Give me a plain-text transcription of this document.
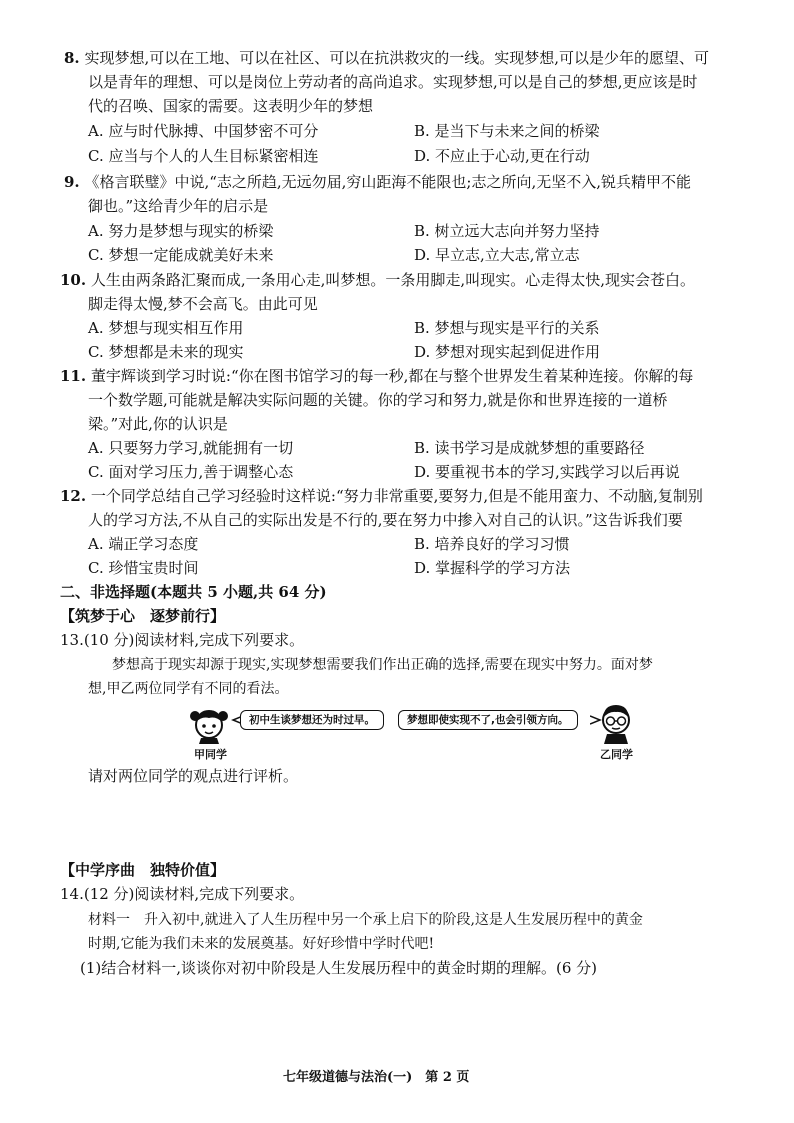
8. 实现梦想,可以在工地、可以在社区、可以在抗洪救灾的一线。实现梦想,可以是少年的愿望、可
以是青年的理想、可以是岗位上劳动者的高尚追求。实现梦想,可以是自己的梦想,更应该是时
代的召唤、国家的需要。这表明少年的梦想
A. 应与时代脉搏、中国梦密不可分	B. 是当下与未来之间的桥梁
C. 应当与个人的人生目标紧密相连	D. 不应止于心动,更在行动
9. 《格言联璧》中说,“志之所趋,无远勿届,穷山距海不能限也;志之所向,无坚不入,锐兵精甲不能
御也。”这给青少年的启示是
A. 努力是梦想与现实的桥梁	B. 树立远大志向并努力坚持
C. 梦想一定能成就美好未来	D. 早立志,立大志,常立志
10. 人生由两条路汇聚而成,一条用心走,叫梦想。一条用脚走,叫现实。心走得太快,现实会苍白。
脚走得太慢,梦不会高飞。由此可见
A. 梦想与现实相互作用	B. 梦想与现实是平行的关系
C. 梦想都是未来的现实	D. 梦想对现实起到促进作用
11. 董宇辉谈到学习时说:“你在图书馆学习的每一秒,都在与整个世界发生着某种连接。你解的每
一个数学题,可能就是解决实际问题的关键。你的学习和努力,就是你和世界连接的一道桥
梁。”对此,你的认识是
A. 只要努力学习,就能拥有一切	B. 读书学习是成就梦想的重要路径
C. 面对学习压力,善于调整心态	D. 要重视书本的学习,实践学习以后再说
12. 一个同学总结自己学习经验时这样说:“努力非常重要,要努力,但是不能用蛮力、不动脑,复制别
人的学习方法,不从自己的实际出发是不行的,要在努力中掺入对自己的认识。”这告诉我们要
A. 端正学习态度	B. 培养良好的学习习惯
C. 珍惜宝贵时间	D. 掌握科学的学习方法
二、非选择题(本题共 5 小题,共 64 分)
【筑梦于心　逐梦前行】
13.(10 分)阅读材料,完成下列要求。
梦想高于现实却源于现实,实现梦想需要我们作出正确的选择,需要在现实中努力。面对梦
想,甲乙两位同学有不同的看法。
初中生谈梦想还为时过早。
甲同学
梦想即使实现不了,也会引领方向。
乙同学
请对两位同学的观点进行评析。
【中学序曲　独特价值】
14.(12 分)阅读材料,完成下列要求。
材料一　升入初中,就进入了人生历程中另一个承上启下的阶段,这是人生发展历程中的黄金
时期,它能为我们未来的发展奠基。好好珍惜中学时代吧!
(1)结合材料一,谈谈你对初中阶段是人生发展历程中的黄金时期的理解。(6 分)
七年级道德与法治(一)　第 2 页
